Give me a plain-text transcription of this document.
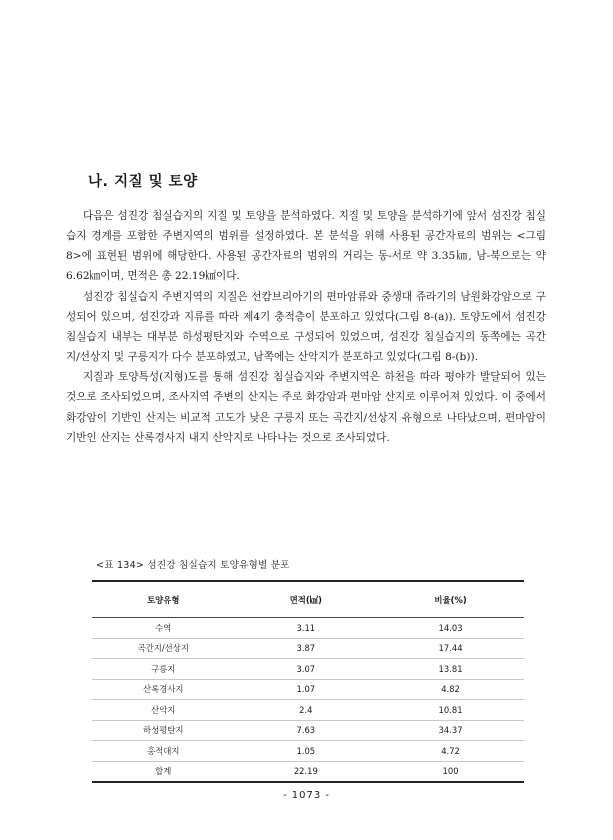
나. 지질 및 토양

다음은 섬진강 침실습지의 지질 및 토양을 분석하였다. 지질 및 토양을 분석하기에 앞서 섬진강 침실습지 경계를 포함한 주변지역의 범위를 설정하였다. 본 분석을 위해 사용된 공간자료의 범위는 <그림 8>에 표현된 범위에 해당한다. 사용된 공간자료의 범위의 거리는 동-서로 약 3.35㎞, 남-북으로는 약 6.62㎞이며, 면적은 총 22.19㎢이다.

섬진강 침실습지 주변지역의 지질은 선캄브리아기의 편마암류와 중생대 쥬라기의 남원화강암으로 구성되어 있으며, 섬진강과 지류를 따라 제4기 충적층이 분포하고 있었다(그림 8-(a)). 토양도에서 섬진강 침실습지 내부는 대부분 하성평탄지와 수역으로 구성되어 있었으며, 섬진강 침실습지의 동쪽에는 곡간지/선상지 및 구릉지가 다수 분포하였고, 남쪽에는 산악지가 분포하고 있었다(그림 8-(b)).

지질과 토양특성(지형)도를 통해 섬진강 침실습지와 주변지역은 하천을 따라 평야가 발달되어 있는 것으로 조사되었으며, 조사지역 주변의 산지는 주로 화강암과 편마암 산지로 이루어져 있었다. 이 중에서 화강암이 기반인 산지는 비교적 고도가 낮은 구릉지 또는 곡간지/선상지 유형으로 나타났으며, 편마암이 기반인 산지는 산록경사지 내지 산악지로 나타나는 것으로 조사되었다.

<표 134> 섬진강 침실습지 토양유형별 분포

토양유형	면적(㎢)	비율(%)
수역	3.11	14.03
곡간지/선상지	3.87	17.44
구릉지	3.07	13.81
산록경사지	1.07	4.82
산악지	2.4	10.81
하성평탄지	7.63	34.37
홍적대지	1.05	4.72
합계	22.19	100
- 1073 -
